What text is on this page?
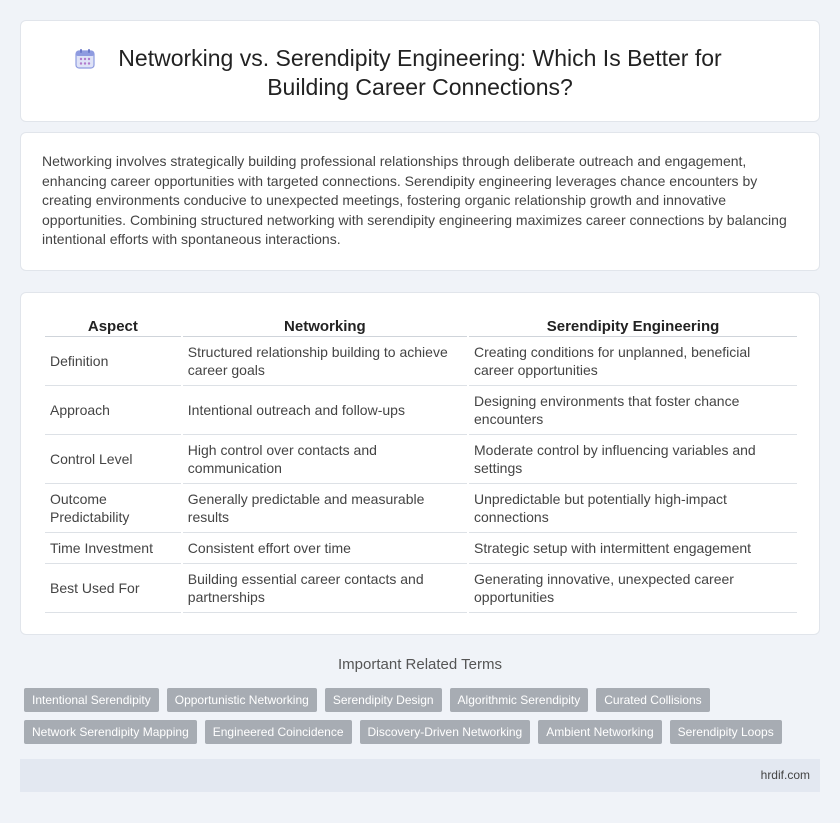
Networking vs. Serendipity Engineering: Which Is Better for
Building Career Connections?

Networking involves strategically building professional relationships through deliberate outreach and engagement, enhancing career opportunities with targeted connections. Serendipity engineering leverages chance encounters by creating environments conducive to unexpected meetings, fostering organic relationship growth and innovative opportunities. Combining structured networking with serendipity engineering maximizes career connections by balancing intentional efforts with spontaneous interactions.

Aspect	Networking	Serendipity Engineering
Definition	Structured relationship building to achieve career goals	Creating conditions for unplanned, beneficial career opportunities
Approach	Intentional outreach and follow-ups	Designing environments that foster chance encounters
Control Level	High control over contacts and communication	Moderate control by influencing variables and settings
Outcome Predictability	Generally predictable and measurable results	Unpredictable but potentially high-impact connections
Time Investment	Consistent effort over time	Strategic setup with intermittent engagement
Best Used For	Building essential career contacts and partnerships	Generating innovative, unexpected career opportunities
Important Related Terms
Intentional Serendipity	Opportunistic Networking	Serendipity Design	Algorithmic Serendipity	Curated Collisions
Network Serendipity Mapping	Engineered Coincidence	Discovery-Driven Networking	Ambient Networking	Serendipity Loops
hrdif.com
